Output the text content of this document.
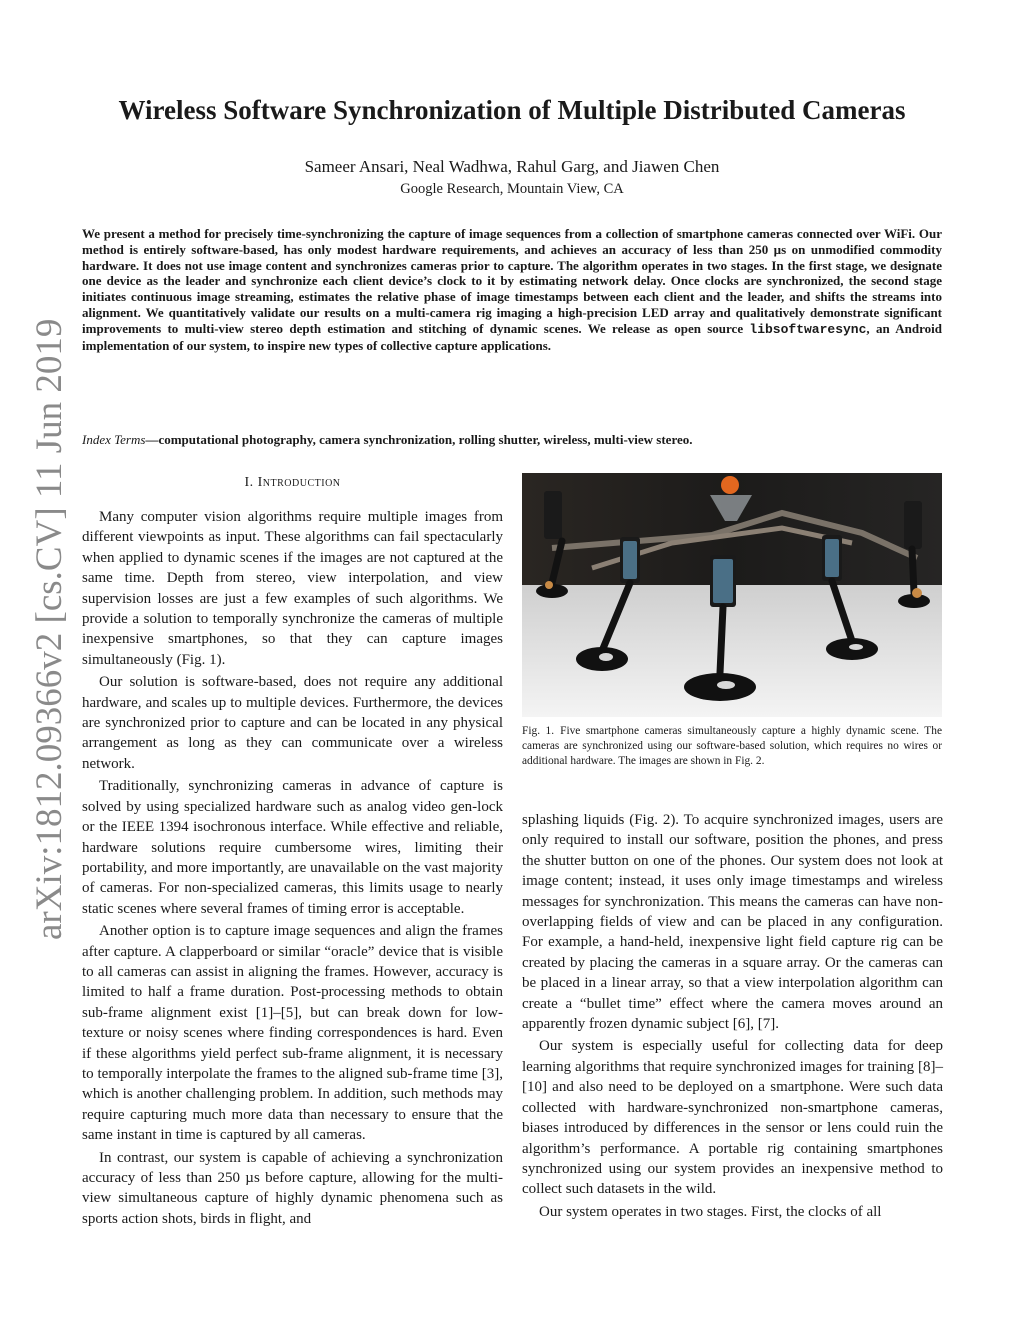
arXiv:1812.09366v2 [cs.CV] 11 Jun 2019
Wireless Software Synchronization of Multiple Distributed Cameras
Sameer Ansari, Neal Wadhwa, Rahul Garg, and Jiawen Chen
Google Research, Mountain View, CA
We present a method for precisely time-synchronizing the capture of image sequences from a collection of smartphone cameras connected over WiFi. Our method is entirely software-based, has only modest hardware requirements, and achieves an accuracy of less than 250 µs on unmodified commodity hardware. It does not use image content and synchronizes cameras prior to capture. The algorithm operates in two stages. In the first stage, we designate one device as the leader and synchronize each client device’s clock to it by estimating network delay. Once clocks are synchronized, the second stage initiates continuous image streaming, estimates the relative phase of image timestamps between each client and the leader, and shifts the streams into alignment. We quantitatively validate our results on a multi-camera rig imaging a high-precision LED array and qualitatively demonstrate significant improvements to multi-view stereo depth estimation and stitching of dynamic scenes. We release as open source libsoftwaresync, an Android implementation of our system, to inspire new types of collective capture applications.
Index Terms—computational photography, camera synchronization, rolling shutter, wireless, multi-view stereo.
I. Introduction

Many computer vision algorithms require multiple images from different viewpoints as input. These algorithms can fail spectacularly when applied to dynamic scenes if the images are not captured at the same time. Depth from stereo, view interpolation, and view supervision losses are just a few examples of such algorithms. We provide a solution to temporally synchronize the cameras of multiple inexpensive smartphones, so that they can capture images simultaneously (Fig. 1).

Our solution is software-based, does not require any additional hardware, and scales up to multiple devices. Furthermore, the devices are synchronized prior to capture and can be located in any physical arrangement as long as they can communicate over a wireless network.

Traditionally, synchronizing cameras in advance of capture is solved by using specialized hardware such as analog video gen-lock or the IEEE 1394 isochronous interface. While effective and reliable, hardware solutions require cumbersome wires, limiting their portability, and more importantly, are unavailable on the vast majority of cameras. For non-specialized cameras, this limits usage to nearly static scenes where several frames of timing error is acceptable.

Another option is to capture image sequences and align the frames after capture. A clapperboard or similar “oracle” device that is visible to all cameras can assist in aligning the frames. However, accuracy is limited to half a frame duration. Post-processing methods to obtain sub-frame alignment exist [1]–[5], but can break down for low-texture or noisy scenes where finding correspondences is hard. Even if these algorithms yield perfect sub-frame alignment, it is necessary to temporally interpolate the frames to the aligned sub-frame time [3], which is another challenging problem. In addition, such methods may require capturing much more data than necessary to ensure that the same instant in time is captured by all cameras.

In contrast, our system is capable of achieving a synchronization accuracy of less than 250 µs before capture, allowing for the multi-view simultaneous capture of highly dynamic phenomena such as sports action shots, birds in flight, and

Fig. 1. Five smartphone cameras simultaneously capture a highly dynamic scene. The cameras are synchronized using our software-based solution, which requires no wires or additional hardware. The images are shown in Fig. 2.

splashing liquids (Fig. 2). To acquire synchronized images, users are only required to install our software, position the phones, and press the shutter button on one of the phones. Our system does not look at image content; instead, it uses only image timestamps and wireless messages for synchronization. This means the cameras can have non-overlapping fields of view and can be placed in any configuration. For example, a hand-held, inexpensive light field capture rig can be created by placing the cameras in a square array. Or the cameras can be placed in a linear array, so that a view interpolation algorithm can create a “bullet time” effect where the camera moves around an apparently frozen dynamic subject [6], [7].

Our system is especially useful for collecting data for deep learning algorithms that require synchronized images for training [8]–[10] and also need to be deployed on a smartphone. Were such data collected with hardware-synchronized non-smartphone cameras, biases introduced by differences in the sensor or lens could ruin the algorithm’s performance. A portable rig containing smartphones synchronized using our system provides an inexpensive method to collect such datasets in the wild.

Our system operates in two stages. First, the clocks of all
